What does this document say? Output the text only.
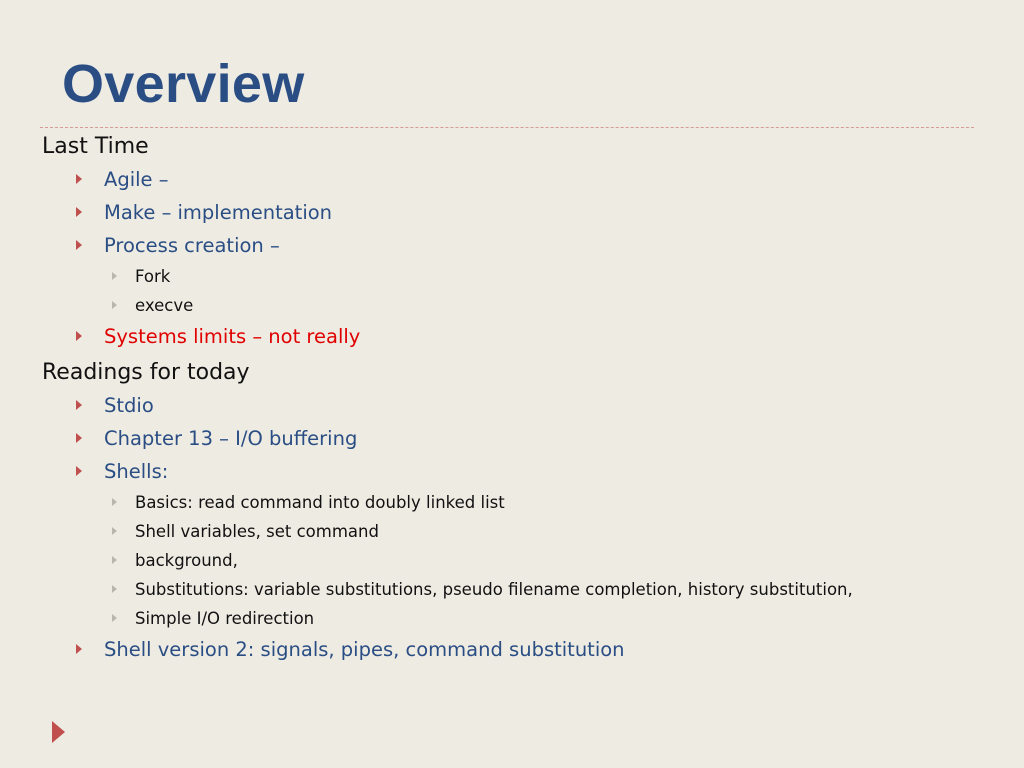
Overview
Last Time
Agile –
Make – implementation
Process creation –
Fork
execve
Systems limits – not really
Readings for today
Stdio
Chapter 13 – I/O buffering
Shells:
Basics: read command into doubly linked list
Shell variables, set command
background,
Substitutions: variable substitutions, pseudo filename completion, history substitution,
Simple I/O redirection
Shell version 2: signals, pipes, command substitution
